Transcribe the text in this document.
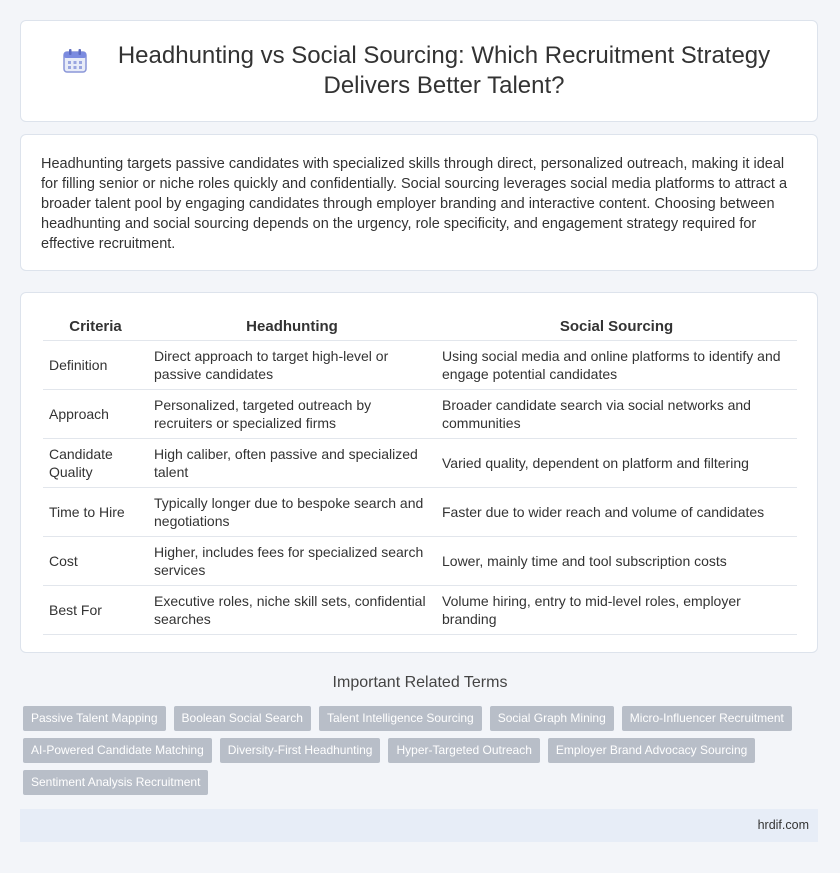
Headhunting vs Social Sourcing: Which Recruitment Strategy Delivers Better Talent?

Headhunting targets passive candidates with specialized skills through direct, personalized outreach, making it ideal for filling senior or niche roles quickly and confidentially. Social sourcing leverages social media platforms to attract a broader talent pool by engaging candidates through employer branding and interactive content. Choosing between headhunting and social sourcing depends on the urgency, role specificity, and engagement strategy required for effective recruitment.

Criteria	Headhunting	Social Sourcing
Definition	Direct approach to target high-level or passive candidates	Using social media and online platforms to identify and engage potential candidates
Approach	Personalized, targeted outreach by recruiters or specialized firms	Broader candidate search via social networks and communities
Candidate Quality	High caliber, often passive and specialized talent	Varied quality, dependent on platform and filtering
Time to Hire	Typically longer due to bespoke search and negotiations	Faster due to wider reach and volume of candidates
Cost	Higher, includes fees for specialized search services	Lower, mainly time and tool subscription costs
Best For	Executive roles, niche skill sets, confidential searches	Volume hiring, entry to mid-level roles, employer branding
Important Related Terms
Passive Talent Mapping	Boolean Social Search	Talent Intelligence Sourcing	Social Graph Mining	Micro-Influencer Recruitment
AI-Powered Candidate Matching	Diversity-First Headhunting	Hyper-Targeted Outreach	Employer Brand Advocacy Sourcing
Sentiment Analysis Recruitment
hrdif.com
